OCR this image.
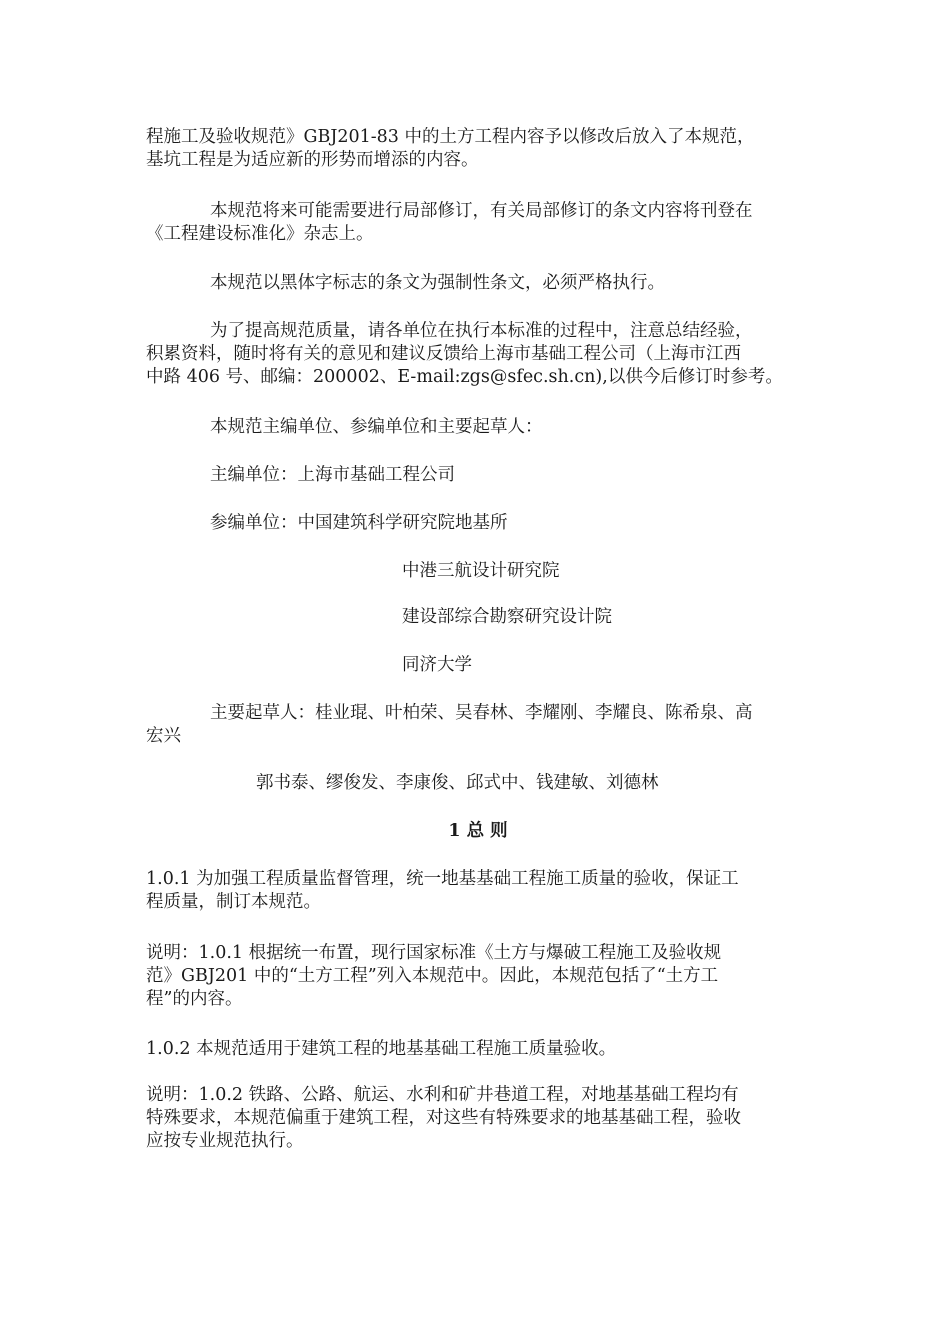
程施工及验收规范》GBJ201-83 中的土方工程内容予以修改后放入了本规范，
基坑工程是为适应新的形势而增添的内容。
本规范将来可能需要进行局部修订，有关局部修订的条文内容将刊登在
《工程建设标准化》杂志上。
本规范以黑体字标志的条文为强制性条文，必须严格执行。
为了提高规范质量，请各单位在执行本标准的过程中，注意总结经验，
积累资料，随时将有关的意见和建议反馈给上海市基础工程公司（上海市江西
中路 406 号、邮编：200002、E-mail:zgs@sfec.sh.cn),以供今后修订时参考。
本规范主编单位、参编单位和主要起草人：
主编单位：上海市基础工程公司
参编单位：中国建筑科学研究院地基所
中港三航设计研究院
建设部综合勘察研究设计院
同济大学
主要起草人：桂业琨、叶柏荣、吴春林、李耀刚、李耀良、陈希泉、高
宏兴
郭书泰、缪俊发、李康俊、邱式中、钱建敏、刘德林
1 总 则
1.0.1 为加强工程质量监督管理，统一地基基础工程施工质量的验收，保证工
程质量，制订本规范。
说明：1.0.1 根据统一布置，现行国家标准《土方与爆破工程施工及验收规
范》GBJ201 中的“土方工程”列入本规范中。因此，本规范包括了“土方工
程”的内容。
1.0.2 本规范适用于建筑工程的地基基础工程施工质量验收。
说明：1.0.2 铁路、公路、航运、水利和矿井巷道工程，对地基基础工程均有
特殊要求，本规范偏重于建筑工程，对这些有特殊要求的地基基础工程，验收
应按专业规范执行。
